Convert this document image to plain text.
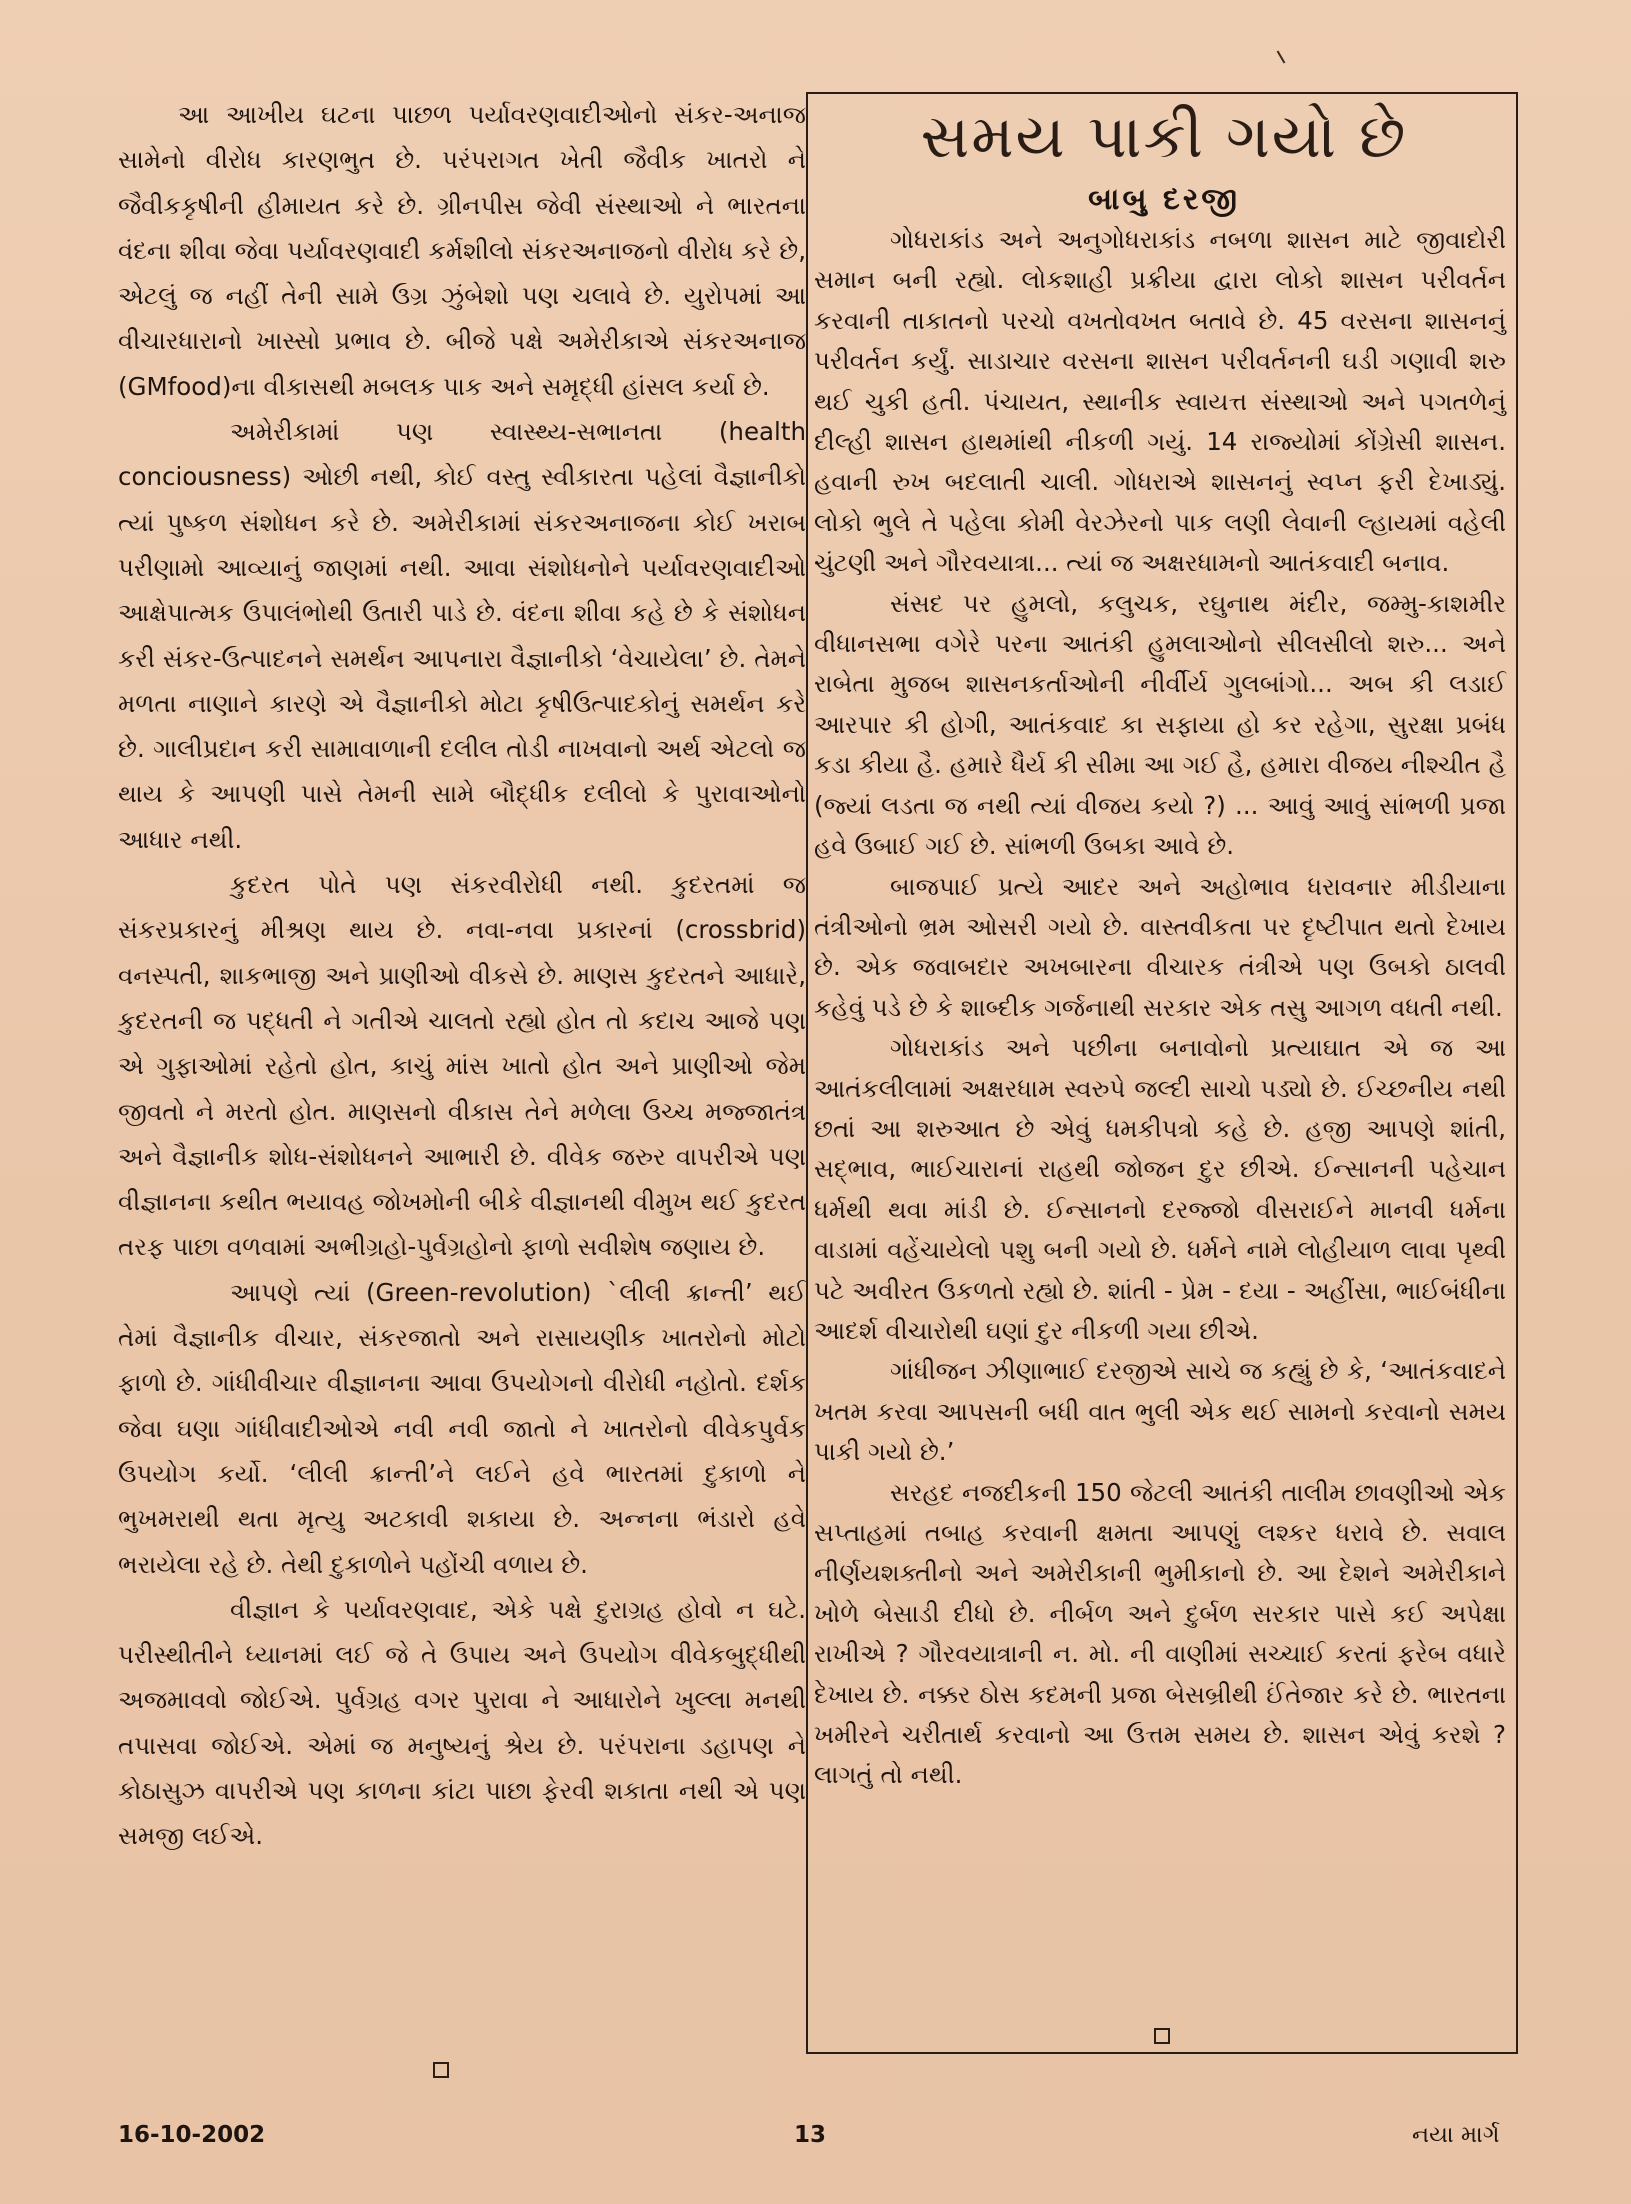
આ આખીય ઘટના પાછળ પર્યાવરણવાદીઓનો સંકર-અનાજ સામેનો વીરોધ કારણભુત છે. પરંપરાગત ખેતી જૈવીક ખાતરો ને જૈવીકકૃષીની હીમાયત કરે છે. ગ્રીનપીસ જેવી સંસ્થાઓ ને ભારતના વંદના શીવા જેવા પર્યાવરણવાદી કર્મશીલો સંકરઅનાજનો વીરોધ કરે છે, એટલું જ નહીં તેની સામે ઉગ્ર ઝુંબેશો પણ ચલાવે છે. યુરોપમાં આ વીચારધારાનો ખાસ્સો પ્રભાવ છે. બીજે પક્ષે અમેરીકાએ સંકરઅનાજ (GMfood)ના વીકાસથી મબલક પાક અને સમૃદ્ધી હાંસલ કર્યા છે.

અમેરીકામાં પણ સ્વાસ્થ્ય-સભાનતા (health conciousness) ઓછી નથી, કોઈ વસ્તુ સ્વીકારતા પહેલાં વૈજ્ઞાનીકો ત્યાં પુષ્કળ સંશોધન કરે છે. અમેરીકામાં સંકરઅનાજના કોઈ ખરાબ પરીણામો આવ્યાનું જાણમાં નથી. આવા સંશોધનોને પર્યાવરણવાદીઓ આક્ષેપાત્મક ઉપાલંભોથી ઉતારી પાડે છે. વંદના શીવા કહે છે કે સંશોધન કરી સંકર-ઉત્પાદનને સમર્થન આપનારા વૈજ્ઞાનીકો ‘વેચાયેલા’ છે. તેમને મળતા નાણાને કારણે એ વૈજ્ઞાનીકો મોટા કૃષીઉત્પાદકોનું સમર્થન કરે છે. ગાલીપ્રદાન કરી સામાવાળાની દલીલ તોડી નાખવાનો અર્થ એટલો જ થાય કે આપણી પાસે તેમની સામે બૌદ્ધીક દલીલો કે પુરાવાઓનો આધાર નથી.

કુદરત પોતે પણ સંકરવીરોધી નથી. કુદરતમાં જ સંકરપ્રકારનું મીશ્રણ થાય છે. નવા-નવા પ્રકારનાં (crossbrid) વનસ્પતી, શાકભાજી અને પ્રાણીઓ વીકસે છે. માણસ કુદરતને આધારે, કુદરતની જ પદ્ધતી ને ગતીએ ચાલતો રહ્યો હોત તો કદાચ આજે પણ એ ગુફાઓમાં રહેતો હોત, કાચું માંસ ખાતો હોત અને પ્રાણીઓ જેમ જીવતો ને મરતો હોત. માણસનો વીકાસ તેને મળેલા ઉચ્ચ મજ્જાતંત્ર અને વૈજ્ઞાનીક શોધ-સંશોધનને આભારી છે. વીવેક જરુર વાપરીએ પણ વીજ્ઞાનના કથીત ભયાવહ જોખમોની બીકે વીજ્ઞાનથી વીમુખ થઈ કુદરત તરફ પાછા વળવામાં અભીગ્રહો-પુર્વગ્રહોનો ફાળો સવીશેષ જણાય છે.

આપણે ત્યાં (Green-revolution) `લીલી ક્રાન્તી’ થઈ તેમાં વૈજ્ઞાનીક વીચાર, સંકરજાતો અને રાસાયણીક ખાતરોનો મોટો ફાળો છે. ગાંધીવીચાર વીજ્ઞાનના આવા ઉપયોગનો વીરોધી નહોતો. દર્શક જેવા ઘણા ગાંધીવાદીઓએ નવી નવી જાતો ને ખાતરોનો વીવેકપુર્વક ઉપયોગ કર્યો. ‘લીલી ક્રાન્તી’ને લઈને હવે ભારતમાં દુકાળો ને ભુખમરાથી થતા મૃત્યુ અટકાવી શકાયા છે. અન્નના ભંડારો હવે ભરાયેલા રહે છે. તેથી દુકાળોને પહોંચી વળાય છે.

વીજ્ઞાન કે પર્યાવરણવાદ, એકે પક્ષે દુરાગ્રહ હોવો ન ઘટે. પરીસ્થીતીને ધ્યાનમાં લઈ જે તે ઉપાય અને ઉપયોગ વીવેકબુદ્ધીથી અજમાવવો જોઈએ. પુર્વગ્રહ વગર પુરાવા ને આધારોને ખુલ્લા મનથી તપાસવા જોઈએ. એમાં જ મનુષ્યનું શ્રેય છે. પરંપરાના ડહાપણ ને કોઠાસુઝ વાપરીએ પણ કાળના કાંટા પાછા ફેરવી શકાતા નથી એ પણ સમજી લઈએ.

સમય પાકી ગયો છે
બાબુ દરજી

ગોધરાકાંડ અને અનુગોધરાકાંડ નબળા શાસન માટે જીવાદોરી સમાન બની રહ્યો. લોકશાહી પ્રક્રીયા દ્વારા લોકો શાસન પરીવર્તન કરવાની તાકાતનો પરચો વખતોવખત બતાવે છે. 45 વરસના શાસનનું પરીવર્તન કર્યું. સાડાચાર વરસના શાસન પરીવર્તનની ઘડી ગણાવી શરુ થઈ ચુકી હતી. પંચાયત, સ્થાનીક સ્વાયત્ત સંસ્થાઓ અને પગતળેનું દીલ્હી શાસન હાથમાંથી નીકળી ગયું. 14 રાજ્યોમાં કોંગ્રેસી શાસન. હવાની રુખ બદલાતી ચાલી. ગોધરાએ શાસનનું સ્વપ્ન ફરી દેખાડ્યું. લોકો ભુલે તે પહેલા કોમી વેરઝેરનો પાક લણી લેવાની લ્હાયમાં વહેલી ચુંટણી અને ગૌરવયાત્રા... ત્યાં જ અક્ષરધામનો આતંકવાદી બનાવ.

સંસદ પર હુમલો, કલુચક, રઘુનાથ મંદીર, જમ્મુ-કાશમીર વીધાનસભા વગેરે પરના આતંકી હુમલાઓનો સીલસીલો શરુ... અને રાબેતા મુજબ શાસનકર્તાઓની નીર્વીર્ય ગુલબાંગો... અબ કી લડાઈ આરપાર કી હોગી, આતંકવાદ કા સફાયા હો કર રહેગા, સુરક્ષા પ્રબંધ કડા કીયા હૈ. હમારે ધૈર્ય કી સીમા આ ગઈ હૈ, હમારા વીજય નીશ્ચીત હૈ (જ્યાં લડતા જ નથી ત્યાં વીજય કયો ?) ... આવું આવું સાંભળી પ્રજા હવે ઉબાઈ ગઈ છે. સાંભળી ઉબકા આવે છે.

બાજપાઈ પ્રત્યે આદર અને અહોભાવ ધરાવનાર મીડીયાના તંત્રીઓનો ભ્રમ ઓસરી ગયો છે. વાસ્તવીકતા પર દૃષ્ટીપાત થતો દેખાય છે. એક જવાબદાર અખબારના વીચારક તંત્રીએ પણ ઉબકો ઠાલવી કહેવું પડે છે કે શાબ્દીક ગર્જનાથી સરકાર એક તસુ આગળ વધતી નથી.

ગોધરાકાંડ અને પછીના બનાવોનો પ્રત્યાઘાત એ જ આ આતંકલીલામાં અક્ષરધામ સ્વરુપે જલ્દી સાચો પડ્યો છે. ઈચ્છનીય નથી છતાં આ શરુઆત છે એવું ધમકીપત્રો કહે છે. હજી આપણે શાંતી, સદ્ભાવ, ભાઈચારાનાં રાહથી જોજન દુર છીએ. ઈન્સાનની પહેચાન ધર્મથી થવા માંડી છે. ઈન્સાનનો દરજ્જો વીસરાઈને માનવી ધર્મના વાડામાં વહેંચાયેલો પશુ બની ગયો છે. ધર્મને નામે લોહીયાળ લાવા પૃથ્વી પટે અવીરત ઉકળતો રહ્યો છે. શાંતી - પ્રેમ - દયા - અહીંસા, ભાઈબંધીના આદર્શ વીચારોથી ઘણાં દુર નીકળી ગયા છીએ.

ગાંધીજન ઝીણાભાઈ દરજીએ સાચે જ કહ્યું છે કે, ‘આતંકવાદને ખતમ કરવા આપસની બધી વાત ભુલી એક થઈ સામનો કરવાનો સમય પાકી ગયો છે.’

સરહદ નજદીકની 150 જેટલી આતંકી તાલીમ છાવણીઓ એક સપ્તાહમાં તબાહ કરવાની ક્ષમતા આપણું લશ્કર ધરાવે છે. સવાલ નીર્ણયશક્તીનો અને અમેરીકાની ભુમીકાનો છે. આ દેશને અમેરીકાને ખોળે બેસાડી દીધો છે. નીર્બળ અને દુર્બળ સરકાર પાસે કઈ અપેક્ષા રાખીએ ? ગૌરવયાત્રાની ન. મો. ની વાણીમાં સચ્ચાઈ કરતાં ફરેબ વધારે દેખાય છે. નક્કર ઠોસ કદમની પ્રજા બેસબ્રીથી ઈંતેજાર કરે છે. ભારતના ખમીરને ચરીતાર્થ કરવાનો આ ઉત્તમ સમય છે. શાસન એવું કરશે ? લાગતું તો નથી.

16-10-2002	13	નયા માર્ગ
